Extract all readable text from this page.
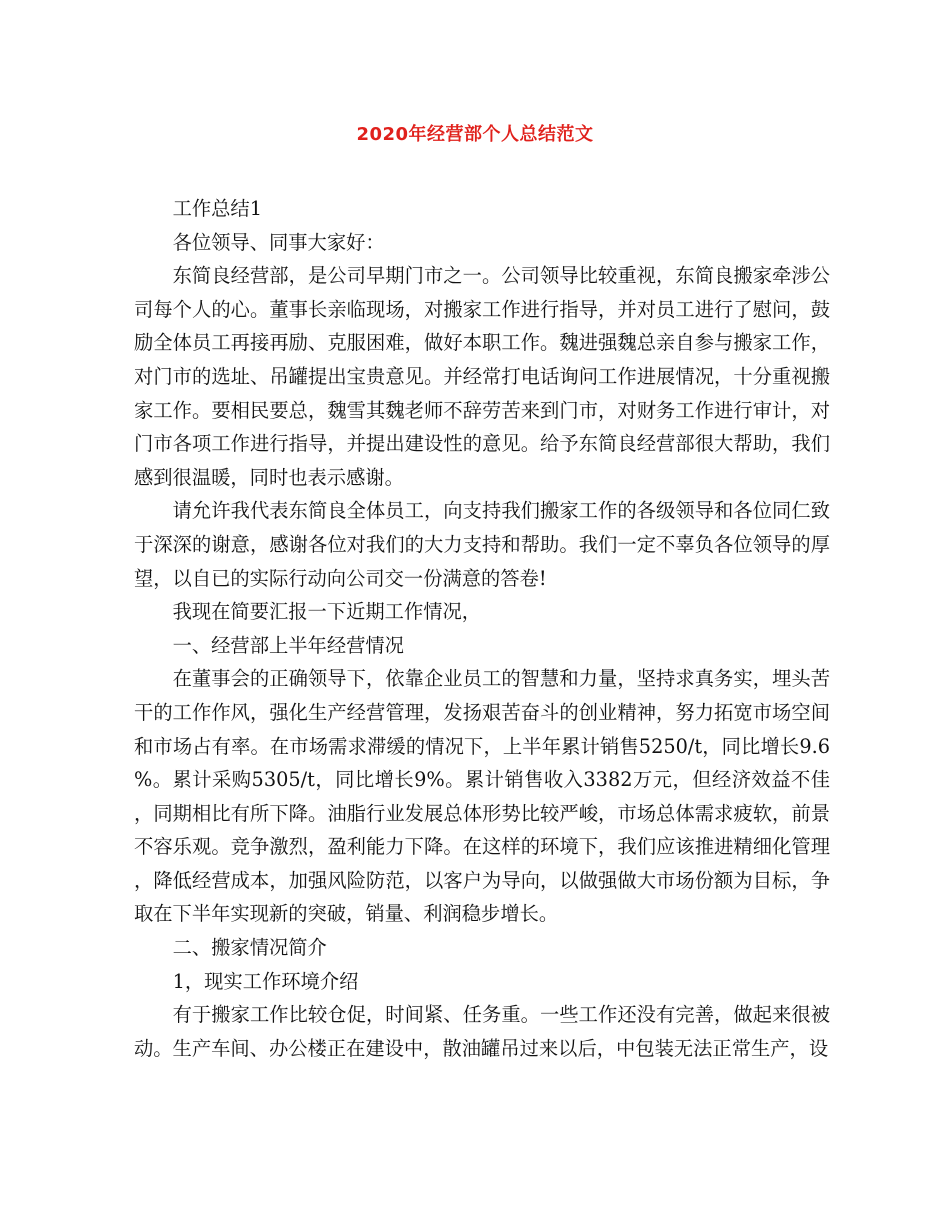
2020年经营部个人总结范文

工作总结1

各位领导、同事大家好：

东简良经营部，是公司早期门市之一。公司领导比较重视，东简良搬家牵涉公司每个人的心。董事长亲临现场，对搬家工作进行指导，并对员工进行了慰问，鼓励全体员工再接再励、克服困难，做好本职工作。魏进强魏总亲自参与搬家工作，对门市的选址、吊罐提出宝贵意见。并经常打电话询问工作进展情况，十分重视搬家工作。要相民要总，魏雪其魏老师不辞劳苦来到门市，对财务工作进行审计，对门市各项工作进行指导，并提出建设性的意见。给予东简良经营部很大帮助，我们感到很温暖，同时也表示感谢。

请允许我代表东简良全体员工，向支持我们搬家工作的各级领导和各位同仁致于深深的谢意，感谢各位对我们的大力支持和帮助。我们一定不辜负各位领导的厚望，以自已的实际行动向公司交一份满意的答卷!

我现在简要汇报一下近期工作情况，

一、经营部上半年经营情况

在董事会的正确领导下，依靠企业员工的智慧和力量，坚持求真务实，埋头苦干的工作作风，强化生产经营管理，发扬艰苦奋斗的创业精神，努力拓宽市场空间和市场占有率。在市场需求滞缓的情况下，上半年累计销售5250/t，同比增长9.6%。累计采购5305/t，同比增长9%。累计销售收入3382万元，但经济效益不佳，同期相比有所下降。油脂行业发展总体形势比较严峻，市场总体需求疲软，前景不容乐观。竞争激烈，盈利能力下降。在这样的环境下，我们应该推进精细化管理，降低经营成本，加强风险防范，以客户为导向，以做强做大市场份额为目标，争取在下半年实现新的突破，销量、利润稳步增长。

二、搬家情况简介

1，现实工作环境介绍

有于搬家工作比较仓促，时间紧、任务重。一些工作还没有完善，做起来很被动。生产车间、办公楼正在建设中，散油罐吊过来以后，中包装无法正常生产，设
